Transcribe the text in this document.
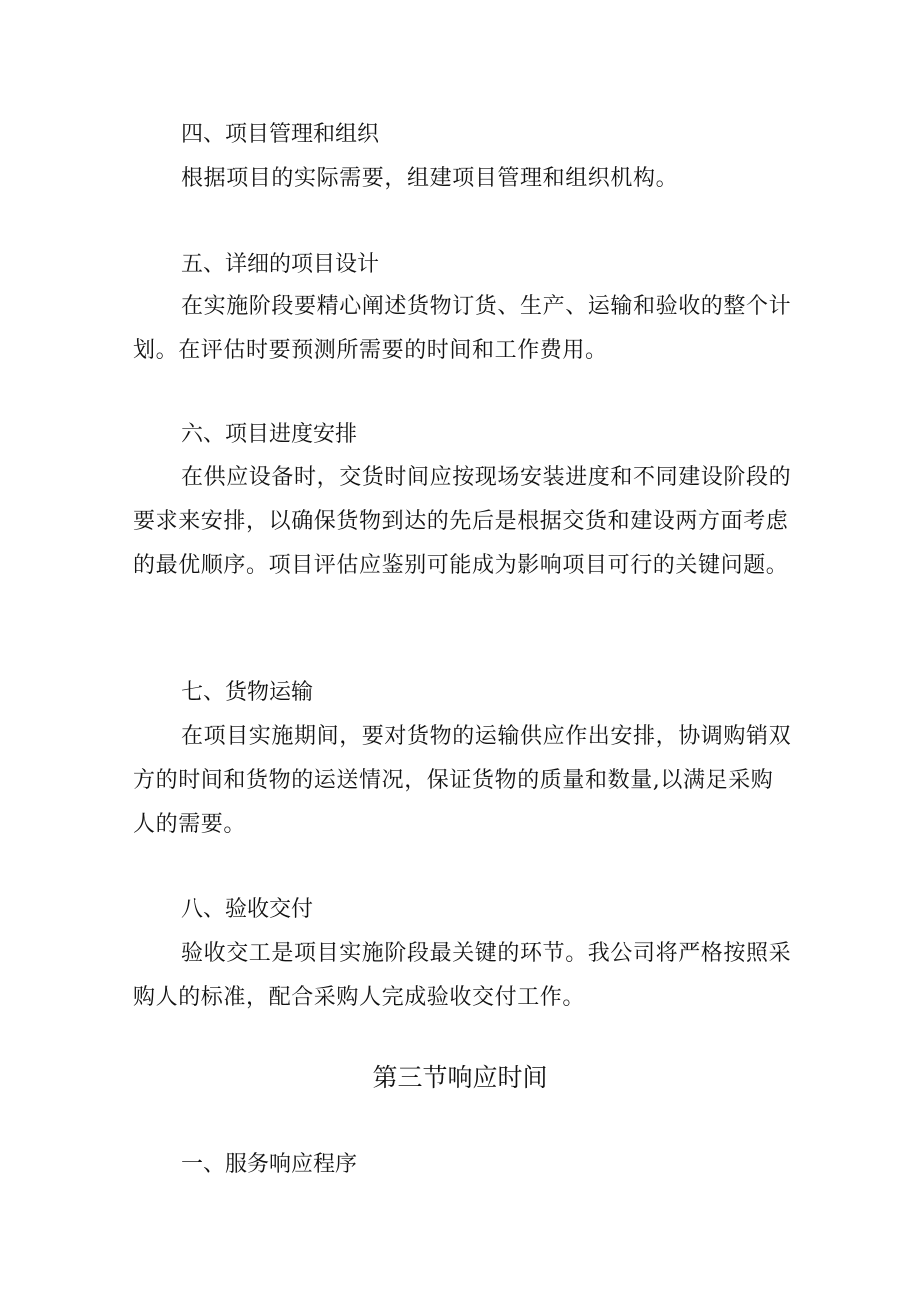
四、项目管理和组织
根据项目的实际需要，组建项目管理和组织机构。
五、详细的项目设计
在实施阶段要精心阐述货物订货、生产、运输和验收的整个计划。在评估时要预测所需要的时间和工作费用。
六、项目进度安排
在供应设备时，交货时间应按现场安装进度和不同建设阶段的要求来安排，以确保货物到达的先后是根据交货和建设两方面考虑的最优顺序。项目评估应鉴别可能成为影响项目可行的关键问题。
七、货物运输
在项目实施期间，要对货物的运输供应作出安排，协调购销双方的时间和货物的运送情况，保证货物的质量和数量,以满足采购人的需要。
八、验收交付
验收交工是项目实施阶段最关键的环节。我公司将严格按照采购人的标准，配合采购人完成验收交付工作。
第三节响应时间
一、服务响应程序
